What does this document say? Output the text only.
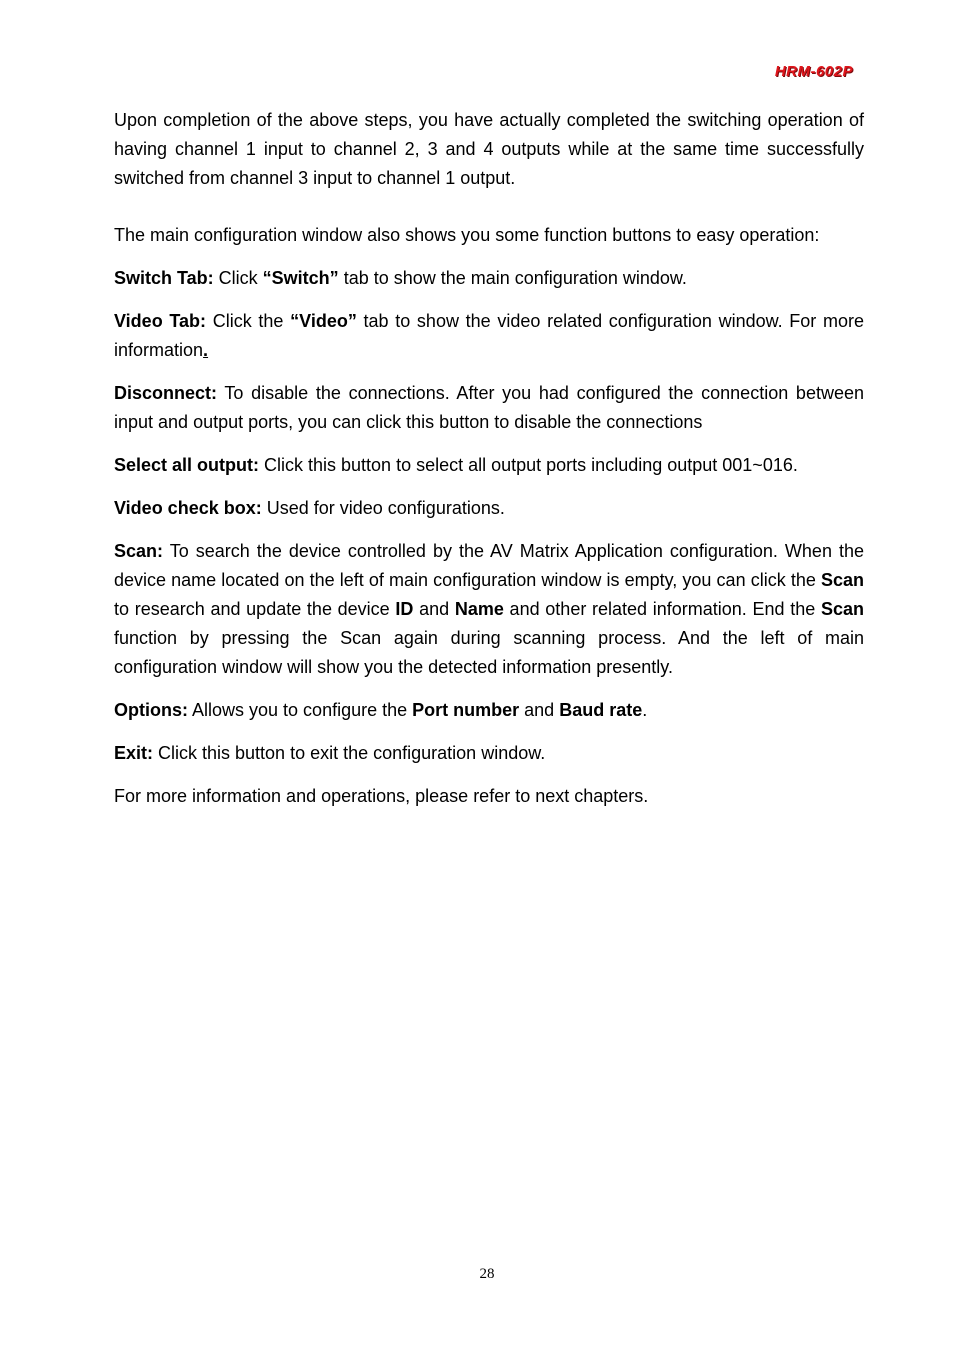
HRM-602P

Upon completion of the above steps, you have actually completed the switching operation of having channel 1 input to channel 2, 3 and 4 outputs while at the same time successfully switched from channel 3 input to channel 1 output.

The main configuration window also shows you some function buttons to easy operation:

Switch Tab: Click “Switch” tab to show the main configuration window.

Video Tab: Click the “Video” tab to show the video related configuration window. For more information.

Disconnect: To disable the connections. After you had configured the connection between input and output ports, you can click this button to disable the connections

Select all output: Click this button to select all output ports including output 001~016.

Video check box: Used for video configurations.

Scan: To search the device controlled by the AV Matrix Application configuration. When the device name located on the left of main configuration window is empty, you can click the Scan to research and update the device ID and Name and other related information. End the Scan function by pressing the Scan again during scanning process. And the left of main configuration window will show you the detected information presently.

Options: Allows you to configure the Port number and Baud rate.

Exit: Click this button to exit the configuration window.

For more information and operations, please refer to next chapters.

28
